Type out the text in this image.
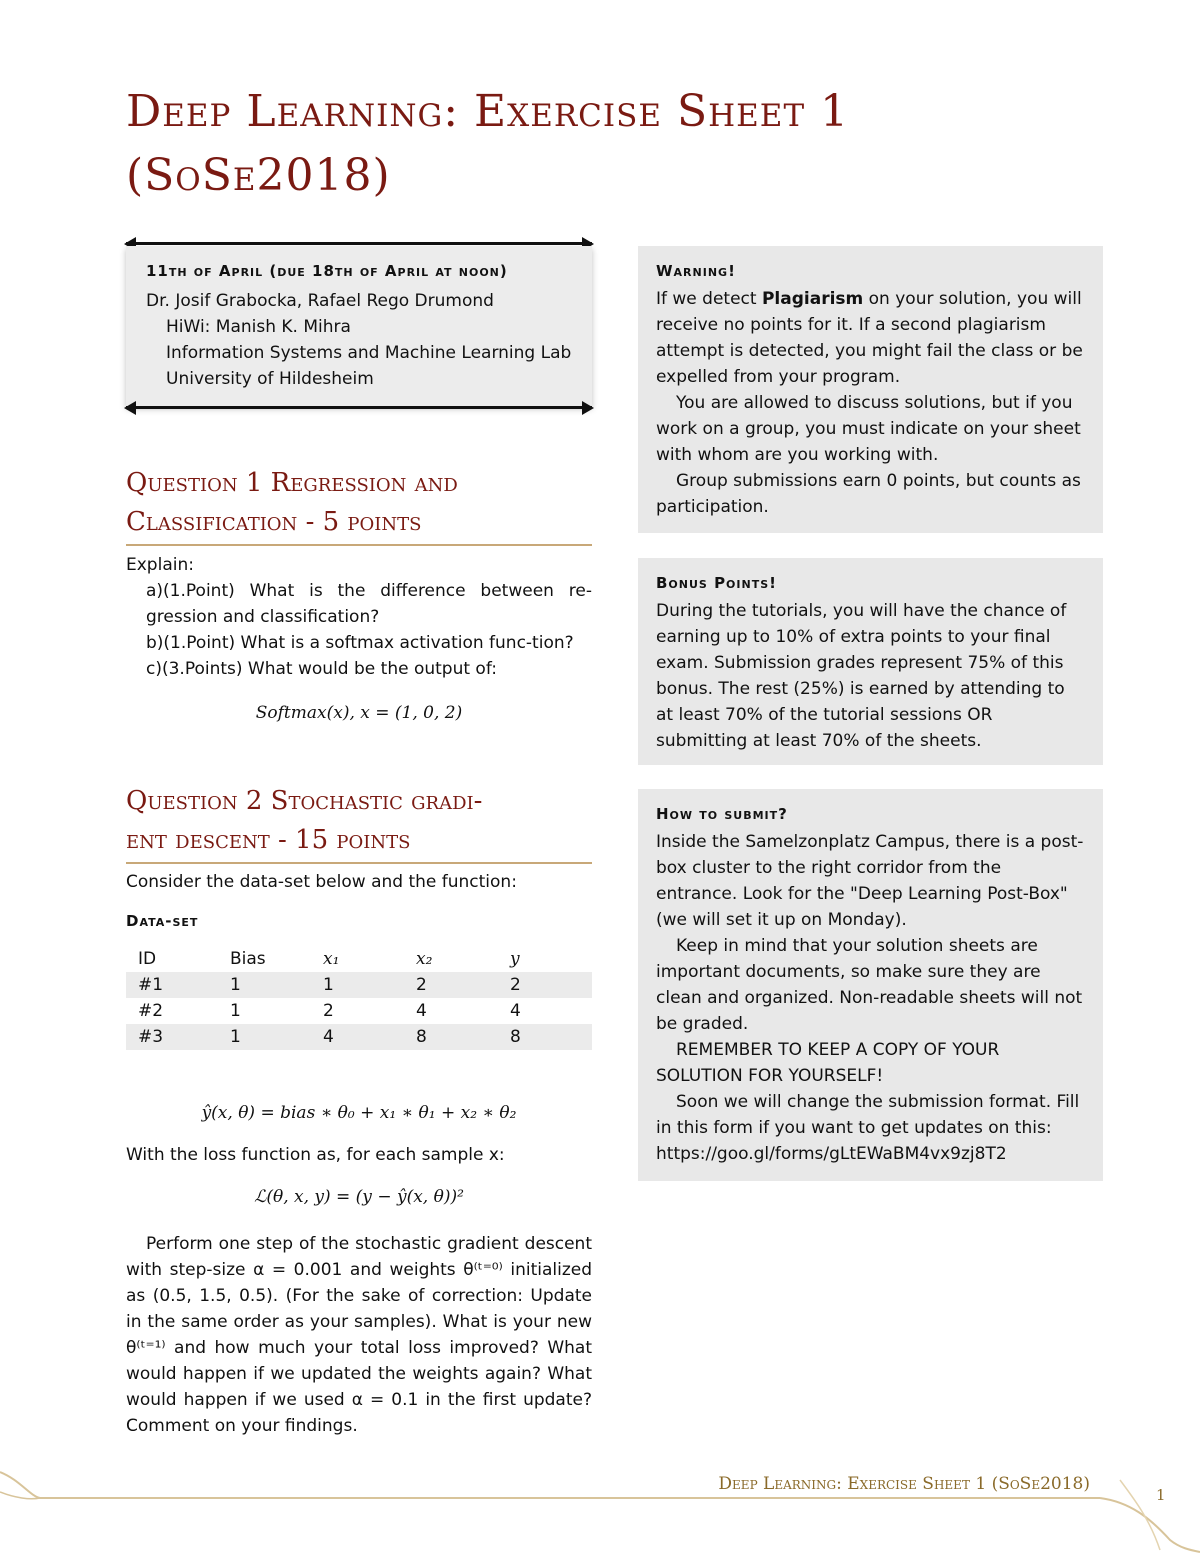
Deep Learning: Exercise Sheet 1
(SoSe2018)
11th of April (due 18th of April at noon)
Dr. Josif Grabocka, Rafael Rego Drumond
HiWi: Manish K. Mihra
Information Systems and Machine Learning Lab
University of Hildesheim
Question 1 Regression and
Classification - 5 points
Explain:
a)(1.Point) What is the difference between re-gression and classification?
b)(1.Point) What is a softmax activation func-tion?
c)(3.Points) What would be the output of:
Softmax(x), x = (1, 0, 2)
Question 2 Stochastic gradi-
ent descent - 15 points
Consider the data-set below and the function:
Data-set
ID	Bias	x₁	x₂	y
#1	1	1	2	2
#2	1	2	4	4
#3	1	4	8	8
ŷ(x, θ) = bias ∗ θ₀ + x₁ ∗ θ₁ + x₂ ∗ θ₂
With the loss function as, for each sample x:
ℒ(θ, x, y) = (y − ŷ(x, θ))²
Perform one step of the stochastic gradient descent with step-size α = 0.001 and weights θ⁽ᵗ⁼⁰⁾ initialized as (0.5, 1.5, 0.5). (For the sake of correction: Update in the same order as your samples). What is your new θ⁽ᵗ⁼¹⁾ and how much your total loss improved? What would happen if we updated the weights again? What would happen if we used α = 0.1 in the first update? Comment on your findings.
Warning!

If we detect Plagiarism on your solution, you will receive no points for it. If a second plagiarism attempt is detected, you might fail the class or be expelled from your program.

You are allowed to discuss solutions, but if you work on a group, you must indicate on your sheet with whom are you working with.

Group submissions earn 0 points, but counts as participation.

Bonus Points!

During the tutorials, you will have the chance of earning up to 10% of extra points to your final exam. Submission grades represent 75% of this bonus. The rest (25%) is earned by attending to at least 70% of the tutorial sessions OR submitting at least 70% of the sheets.

How to submit?

Inside the Samelzonplatz Campus, there is a post-box cluster to the right corridor from the entrance. Look for the "Deep Learning Post-Box" (we will set it up on Monday).

Keep in mind that your solution sheets are important documents, so make sure they are clean and organized. Non-readable sheets will not be graded.

REMEMBER TO KEEP A COPY OF YOUR SOLUTION FOR YOURSELF!

Soon we will change the submission format. Fill in this form if you want to get updates on this:

https://goo.gl/forms/gLtEWaBM4vx9zj8T2

Deep Learning: Exercise Sheet 1 (SoSe2018)
1
